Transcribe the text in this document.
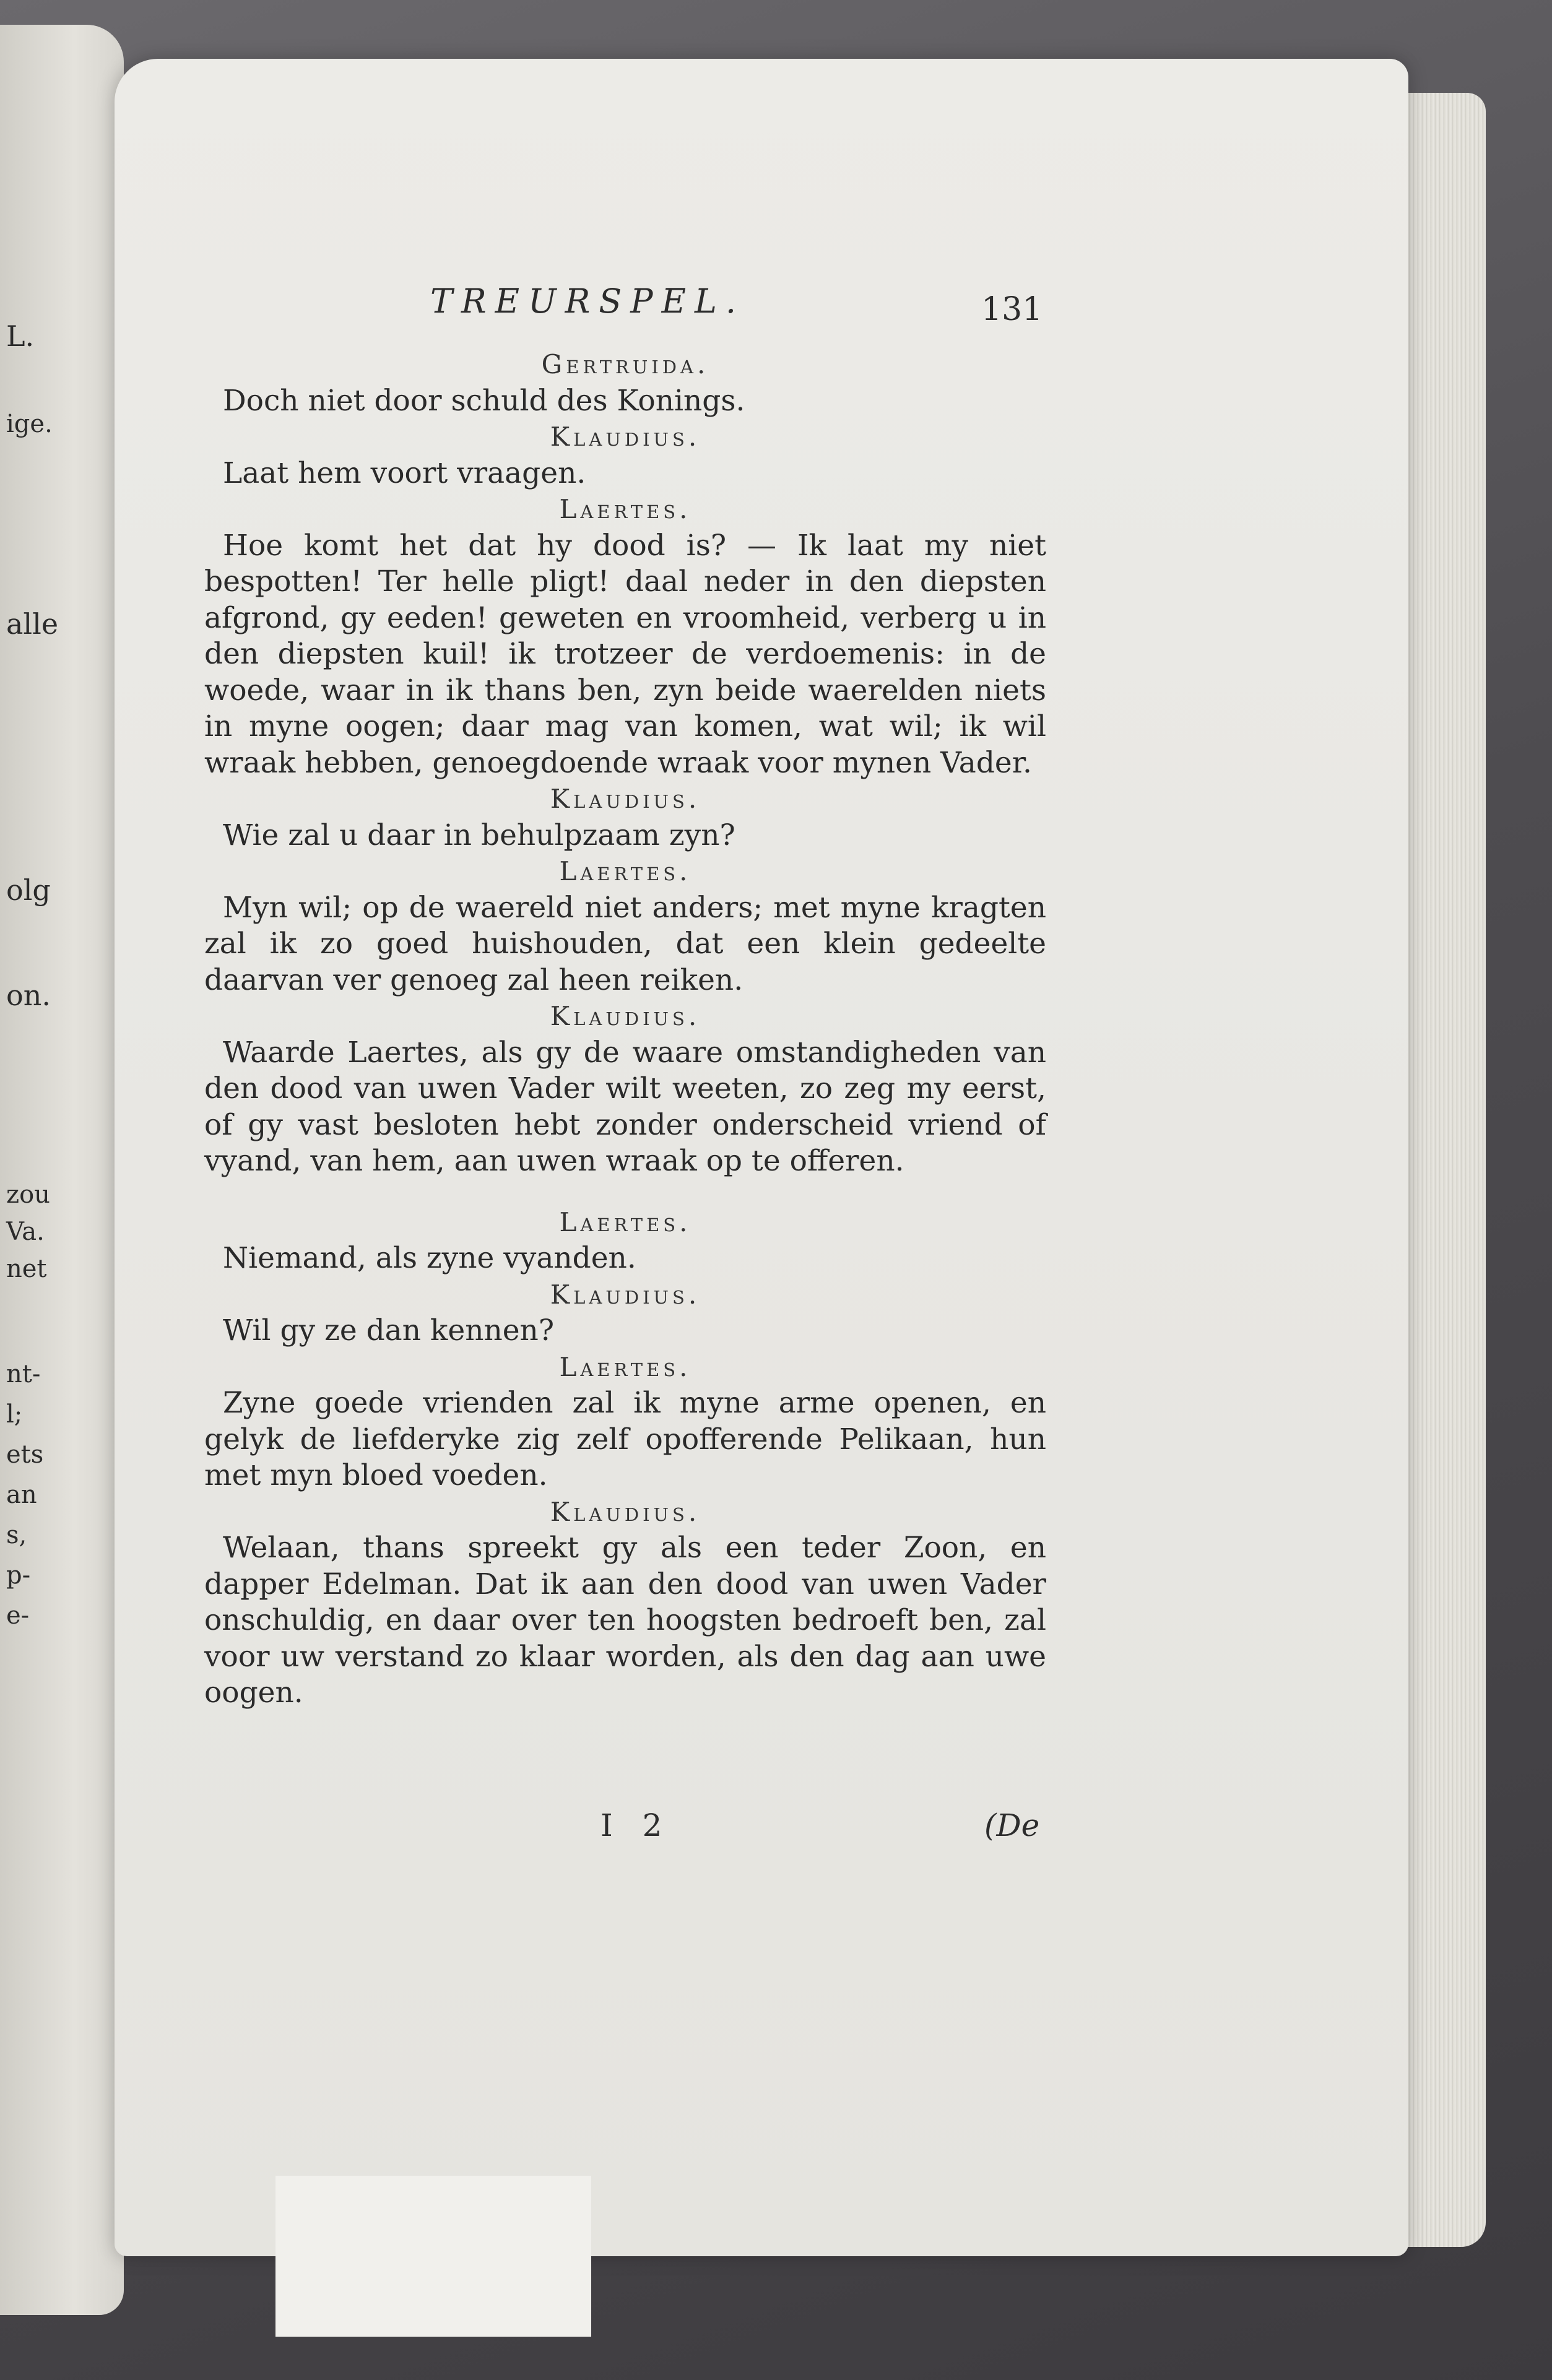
L.
ige.
alle
olg
on.
zou
Va.
net
nt-
l;
ets
an
s,
p-
e-
TREURSPEL.	131
Gertruida.

Doch niet door schuld des Konings.

Klaudius.

Laat hem voort vraagen.

Laertes.

Hoe komt het dat hy dood is? — Ik laat my niet bespotten! Ter helle pligt! daal neder in den diepsten afgrond, gy eeden! geweten en vroomheid, verberg u in den diepsten kuil! ik trotzeer de verdoemenis: in de woede, waar in ik thans ben, zyn beide waerelden niets in myne oogen; daar mag van komen, wat wil; ik wil wraak hebben, genoegdoende wraak voor mynen Vader.

Klaudius.

Wie zal u daar in behulpzaam zyn?

Laertes.

Myn wil; op de waereld niet anders; met myne kragten zal ik zo goed huishouden, dat een klein gedeelte daarvan ver genoeg zal heen reiken.

Klaudius.

Waarde Laertes, als gy de waare omstandigheden van den dood van uwen Vader wilt weeten, zo zeg my eerst, of gy vast besloten hebt zonder onderscheid vriend of vyand, van hem, aan uwen wraak op te offeren.

Laertes.

Niemand, als zyne vyanden.

Klaudius.

Wil gy ze dan kennen?

Laertes.

Zyne goede vrienden zal ik myne arme openen, en gelyk de liefderyke zig zelf opofferende Pelikaan, hun met myn bloed voeden.

Klaudius.

Welaan, thans spreekt gy als een teder Zoon, en dapper Edelman. Dat ik aan den dood van uwen Vader onschuldig, en daar over ten hoogsten bedroeft ben, zal voor uw verstand zo klaar worden, als den dag aan uwe oogen.

I 2	(De
